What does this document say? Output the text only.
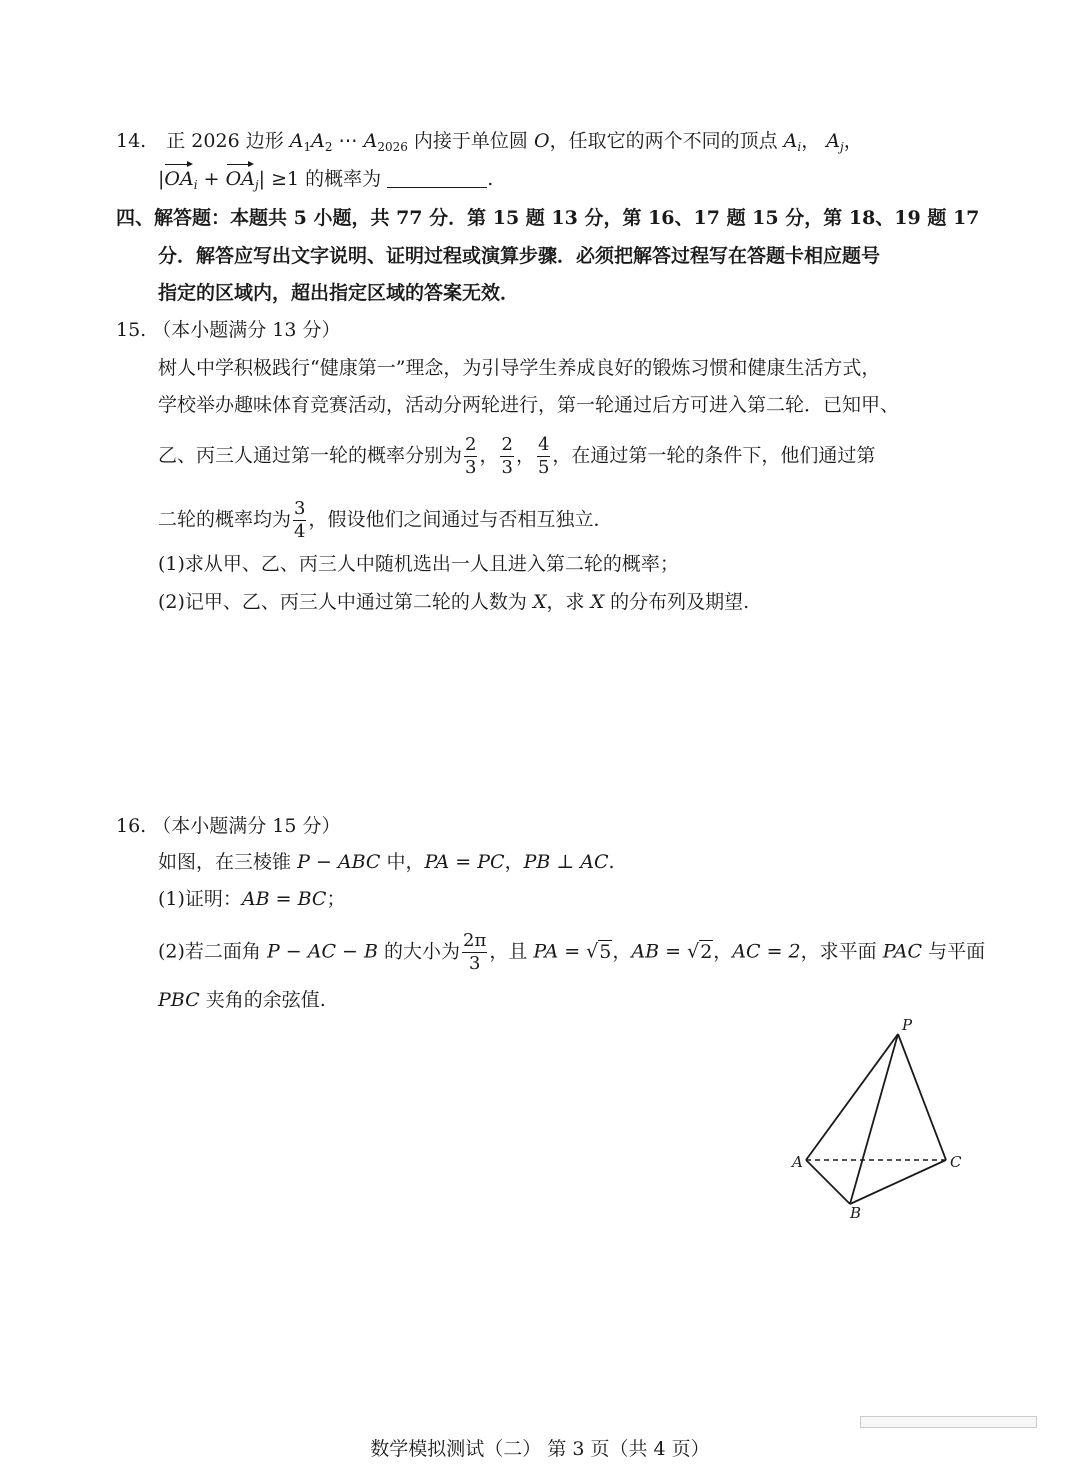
14. 正 2026 边形 $A_1A_2$ ⋯ $A_{2026}$ 内接于单位圆 O，任取它的两个不同的顶点 $A_i$， $A_j$，
$|OA_i + OA_j| \ge 1$ 的概率为	.
四、解答题：本题共 5 小题，共 77 分．第 15 题 13 分，第 16、17 题 15 分，第 18、19 题 17
分．解答应写出文字说明、证明过程或演算步骤．必须把解答过程写在答题卡相应题号
指定的区域内，超出指定区域的答案无效．
15. （本小题满分 13 分）
树人中学积极践行“健康第一”理念，为引导学生养成良好的锻炼习惯和健康生活方式，
学校举办趣味体育竞赛活动，活动分两轮进行，第一轮通过后方可进入第二轮．已知甲、
乙、丙三人通过第一轮的概率分别为 $\frac{2}{3}$ ， $\frac{2}{3}$ ， $\frac{4}{5}$ ，在通过第一轮的条件下，他们通过第
二轮的概率均为 $\frac{3}{4}$ ，假设他们之间通过与否相互独立．
(1)求从甲、乙、丙三人中随机选出一人且进入第二轮的概率；
(2)记甲、乙、丙三人中通过第二轮的人数为 X，求 X 的分布列及期望.
16. （本小题满分 15 分）
如图，在三棱锥 P − ABC 中，PA = PC，PB ⊥ AC.
(1)证明：AB = BC；
(2)若二面角 P − AC − B 的大小为 $\frac{2\pi}{3}$ ，且 PA = √5，AB = √2，AC = 2，求平面 PAC 与平面
PBC 夹角的余弦值.
P
A	C
B
数学模拟测试（二） 第 3 页（共 4 页）
